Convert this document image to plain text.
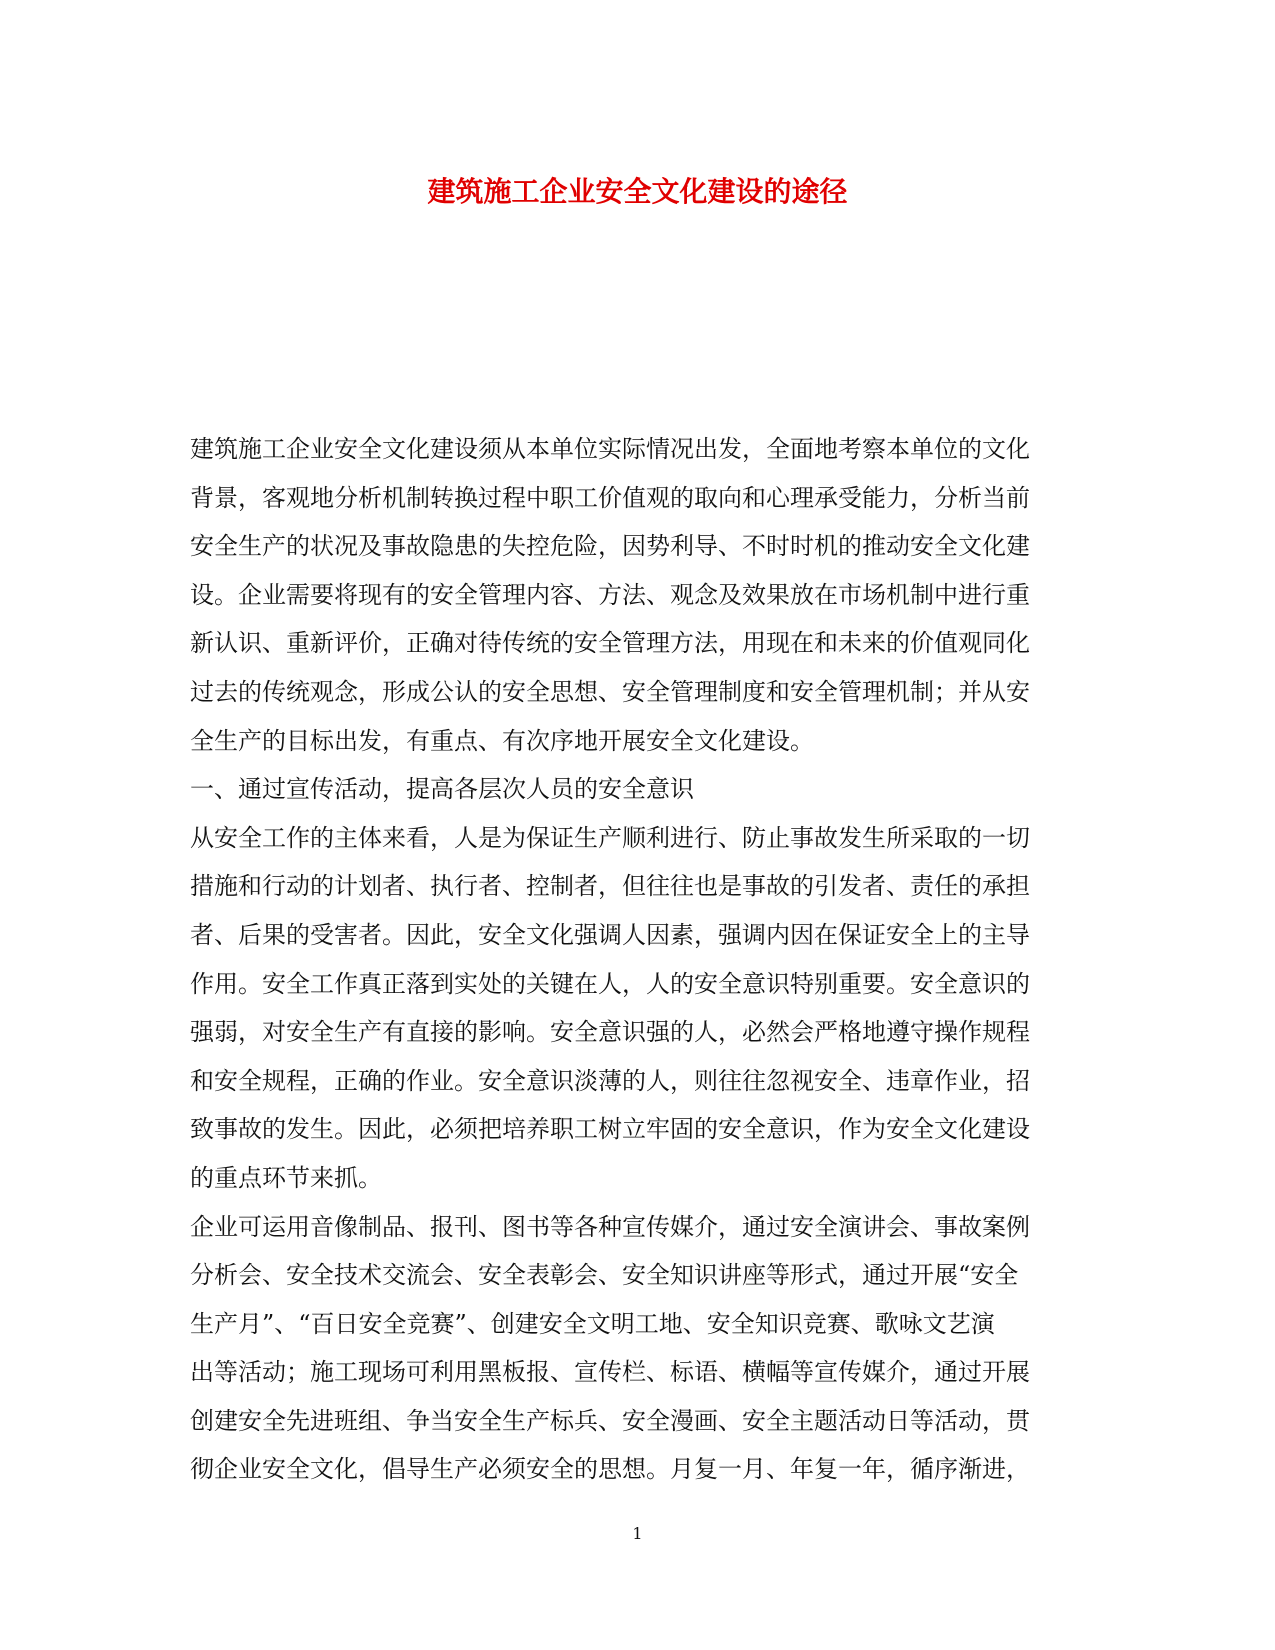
建筑施工企业安全文化建设的途径
建筑施工企业安全文化建设须从本单位实际情况出发，全面地考察本单位的文化
背景，客观地分析机制转换过程中职工价值观的取向和心理承受能力，分析当前
安全生产的状况及事故隐患的失控危险，因势利导、不时时机的推动安全文化建
设。企业需要将现有的安全管理内容、方法、观念及效果放在市场机制中进行重
新认识、重新评价，正确对待传统的安全管理方法，用现在和未来的价值观同化
过去的传统观念，形成公认的安全思想、安全管理制度和安全管理机制；并从安
全生产的目标出发，有重点、有次序地开展安全文化建设。
一、通过宣传活动，提高各层次人员的安全意识
从安全工作的主体来看，人是为保证生产顺利进行、防止事故发生所采取的一切
措施和行动的计划者、执行者、控制者，但往往也是事故的引发者、责任的承担
者、后果的受害者。因此，安全文化强调人因素，强调内因在保证安全上的主导
作用。安全工作真正落到实处的关键在人，人的安全意识特别重要。安全意识的
强弱，对安全生产有直接的影响。安全意识强的人，必然会严格地遵守操作规程
和安全规程，正确的作业。安全意识淡薄的人，则往往忽视安全、违章作业，招
致事故的发生。因此，必须把培养职工树立牢固的安全意识，作为安全文化建设
的重点环节来抓。
企业可运用音像制品、报刊、图书等各种宣传媒介，通过安全演讲会、事故案例
分析会、安全技术交流会、安全表彰会、安全知识讲座等形式，通过开展“安全
生产月”、“百日安全竞赛”、创建安全文明工地、安全知识竞赛、歌咏文艺演
出等活动；施工现场可利用黑板报、宣传栏、标语、横幅等宣传媒介，通过开展
创建安全先进班组、争当安全生产标兵、安全漫画、安全主题活动日等活动，贯
彻企业安全文化，倡导生产必须安全的思想。月复一月、年复一年，循序渐进，
1
